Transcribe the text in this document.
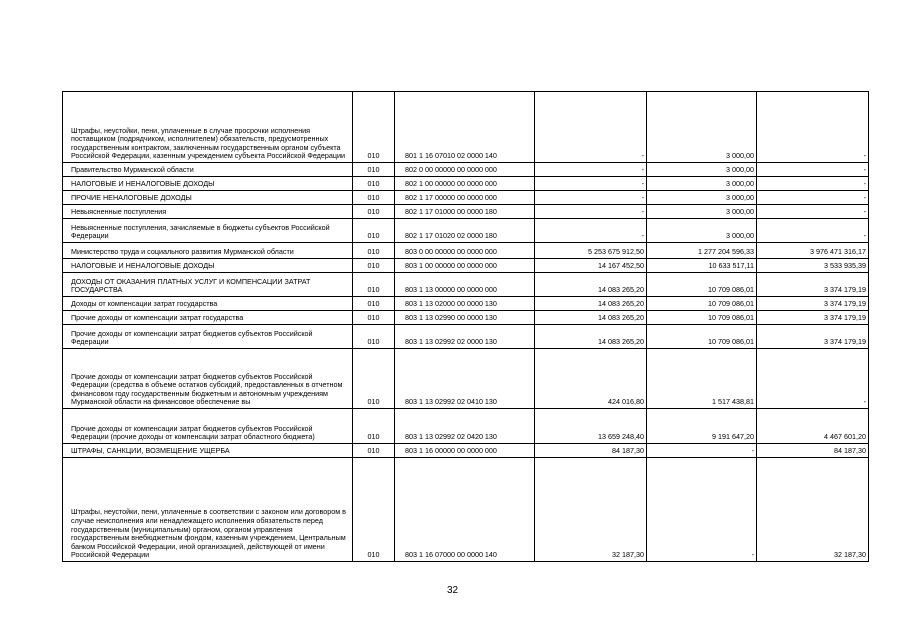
Штрафы, неустойки, пени, уплаченные в случае просрочки исполнения поставщиком (подрядчиком, исполнителем) обязательств, предусмотренных государственным контрактом, заключенным государственным органом субъекта Российской Федерации, казенным учреждением субъекта Российской Федерации	010	801 1 16 07010 02 0000 140	-	3 000,00	-

Правительство Мурманской области	010	802 0 00 00000 00 0000 000	-	3 000,00	-

НАЛОГОВЫЕ И НЕНАЛОГОВЫЕ ДОХОДЫ	010	802 1 00 00000 00 0000 000	-	3 000,00	-

ПРОЧИЕ НЕНАЛОГОВЫЕ ДОХОДЫ	010	802 1 17 00000 00 0000 000	-	3 000,00	-

Невыясненные поступления	010	802 1 17 01000 00 0000 180	-	3 000,00	-

Невыясненные поступления, зачисляемые в бюджеты субъектов Российской Федерации	010	802 1 17 01020 02 0000 180	-	3 000,00	-

Министерство труда и социального развития Мурманской области	010	803 0 00 00000 00 0000 000	5 253 675 912,50	1 277 204 596,33	3 976 471 316,17

НАЛОГОВЫЕ И НЕНАЛОГОВЫЕ ДОХОДЫ	010	803 1 00 00000 00 0000 000	14 167 452,50	10 633 517,11	3 533 935,39

ДОХОДЫ ОТ ОКАЗАНИЯ ПЛАТНЫХ УСЛУГ И КОМПЕНСАЦИИ ЗАТРАТ ГОСУДАРСТВА	010	803 1 13 00000 00 0000 000	14 083 265,20	10 709 086,01	3 374 179,19

Доходы от компенсации затрат государства	010	803 1 13 02000 00 0000 130	14 083 265,20	10 709 086,01	3 374 179,19

Прочие доходы от компенсации затрат государства	010	803 1 13 02990 00 0000 130	14 083 265,20	10 709 086,01	3 374 179,19

Прочие доходы от компенсации затрат бюджетов субъектов Российской Федерации	010	803 1 13 02992 02 0000 130	14 083 265,20	10 709 086,01	3 374 179,19

Прочие доходы от компенсации затрат бюджетов субъектов Российской Федерации (средства в объеме остатков субсидий, предоставленных в отчетном финансовом году государственным бюджетным и автономным учреждениям Мурманской области на финансовое обеспечение вы	010	803 1 13 02992 02 0410 130	424 016,80	1 517 438,81	-

Прочие доходы от компенсации затрат бюджетов субъектов Российской Федерации (прочие доходы от компенсации затрат областного бюджета)	010	803 1 13 02992 02 0420 130	13 659 248,40	9 191 647,20	4 467 601,20

ШТРАФЫ, САНКЦИИ, ВОЗМЕЩЕНИЕ УЩЕРБА	010	803 1 16 00000 00 0000 000	84 187,30	-	84 187,30

Штрафы, неустойки, пени, уплаченные в соответствии с законом или договором в случае неисполнения или ненадлежащего исполнения обязательств перед государственным (муниципальным) органом, органом управления государственным внебюджетным фондом, казенным учреждением, Центральным банком Российской Федерации, иной организацией, действующей от имени Российской Федерации	010	803 1 16 07000 00 0000 140	32 187,30	-	32 187,30
32
